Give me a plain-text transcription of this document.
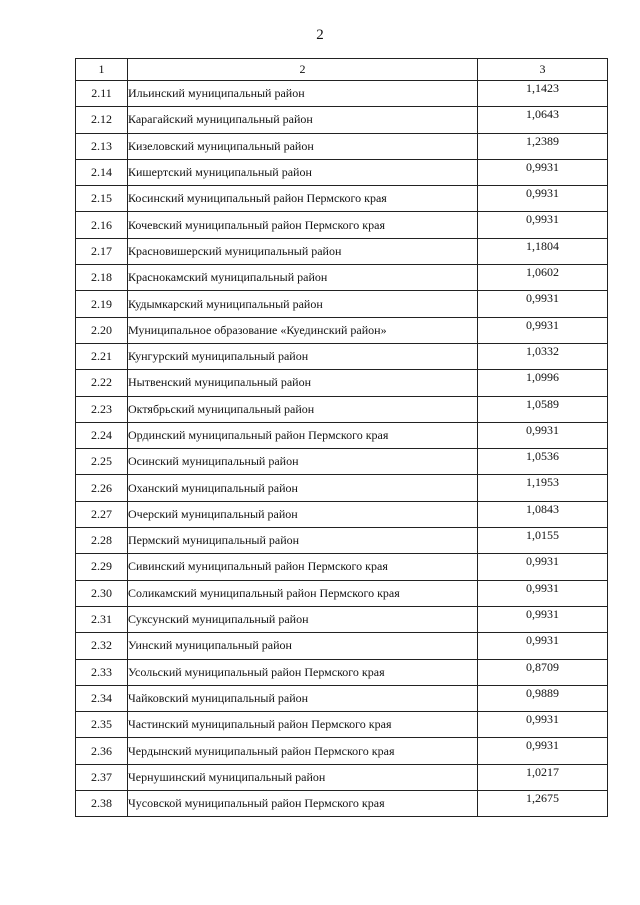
2
1	2	3
2.11	Ильинский муниципальный район	1,1423
2.12	Карагайский муниципальный район	1,0643
2.13	Кизеловский муниципальный район	1,2389
2.14	Кишертский муниципальный район	0,9931
2.15	Косинский муниципальный район Пермского края	0,9931
2.16	Кочевский муниципальный район Пермского края	0,9931
2.17	Красновишерский муниципальный район	1,1804
2.18	Краснокамский муниципальный район	1,0602
2.19	Кудымкарский муниципальный район	0,9931
2.20	Муниципальное образование «Куединский район»	0,9931
2.21	Кунгурский муниципальный район	1,0332
2.22	Нытвенский муниципальный район	1,0996
2.23	Октябрьский муниципальный район	1,0589
2.24	Ординский муниципальный район Пермского края	0,9931
2.25	Осинский муниципальный район	1,0536
2.26	Оханский муниципальный район	1,1953
2.27	Очерский муниципальный район	1,0843
2.28	Пермский муниципальный район	1,0155
2.29	Сивинский муниципальный район Пермского края	0,9931
2.30	Соликамский муниципальный район Пермского края	0,9931
2.31	Суксунский муниципальный район	0,9931
2.32	Уинский муниципальный район	0,9931
2.33	Усольский муниципальный район Пермского края	0,8709
2.34	Чайковский муниципальный район	0,9889
2.35	Частинский муниципальный район Пермского края	0,9931
2.36	Чердынский муниципальный район Пермского края	0,9931
2.37	Чернушинский муниципальный район	1,0217
2.38	Чусовской муниципальный район Пермского края	1,2675
